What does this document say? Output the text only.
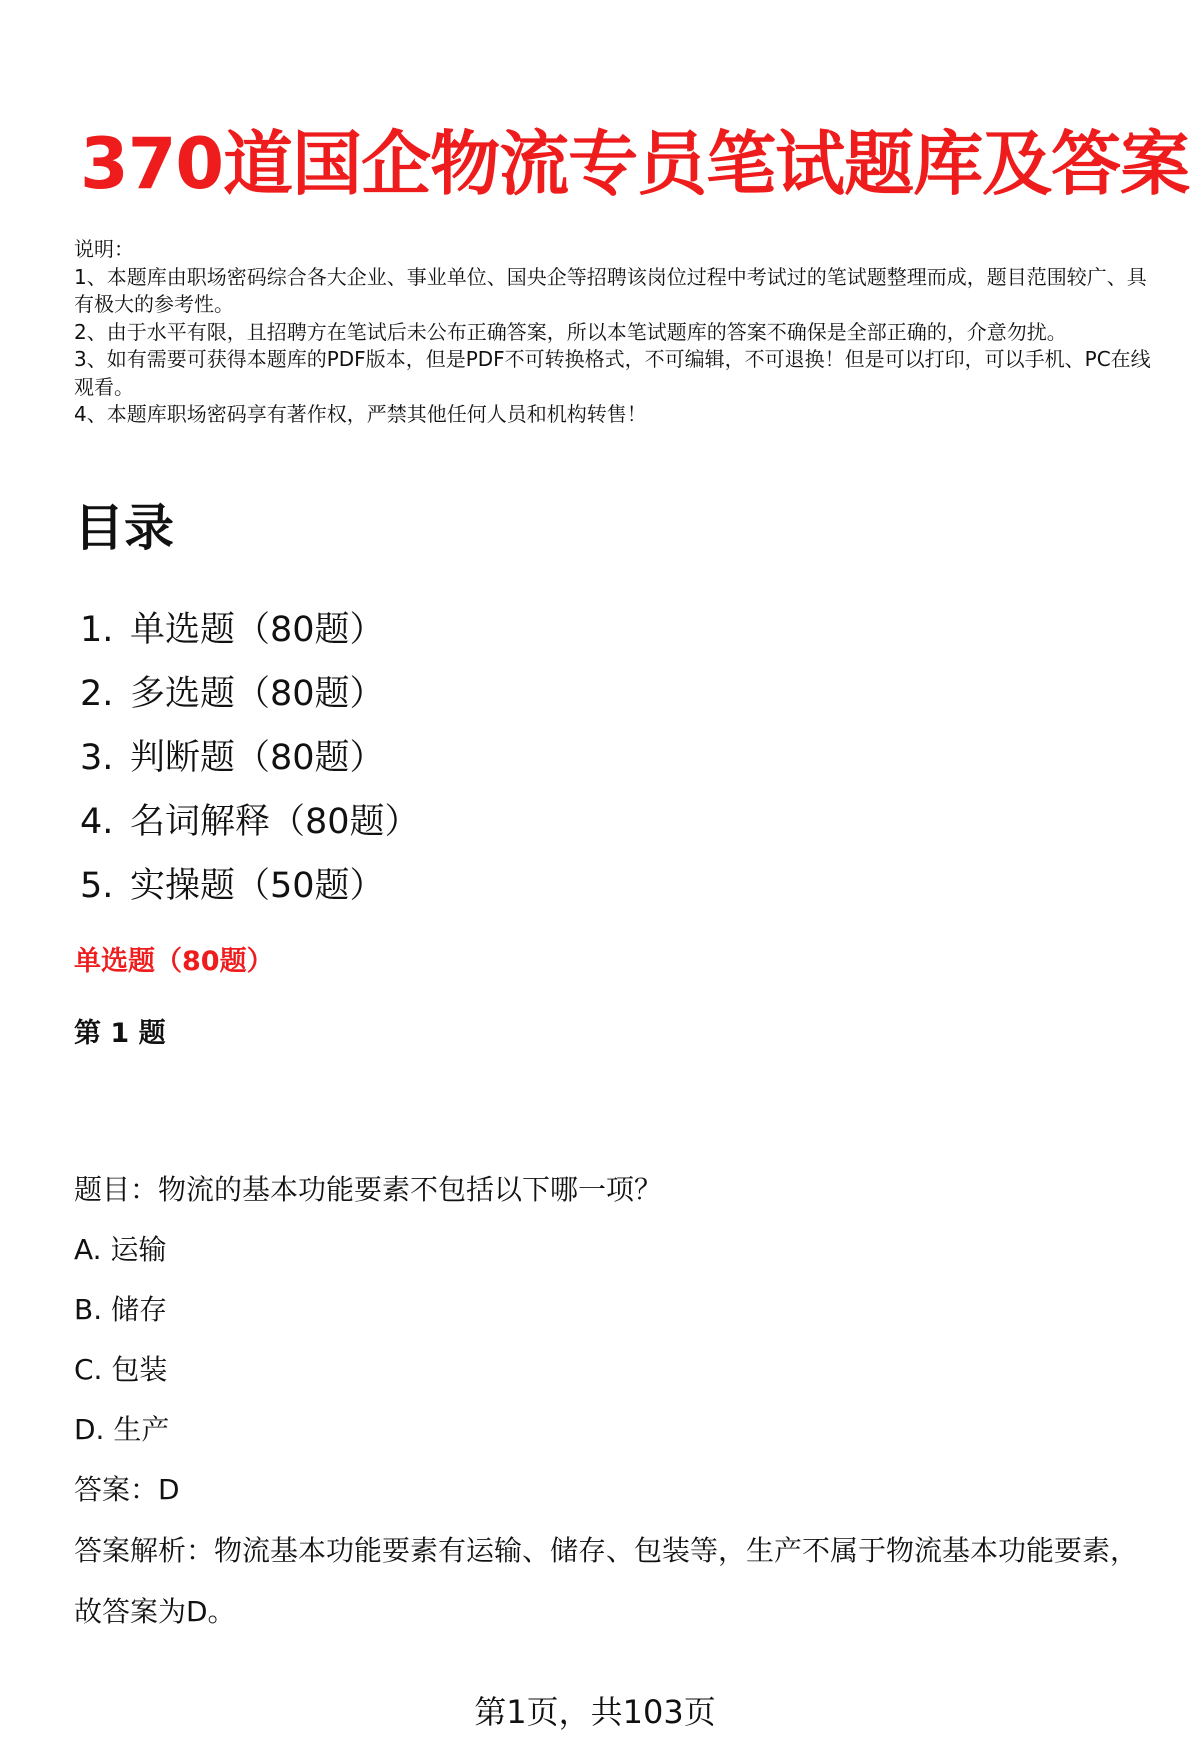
370道国企物流专员笔试题库及答案
说明：
1、本题库由职场密码综合各大企业、事业单位、国央企等招聘该岗位过程中考试过的笔试题整理而成，题目范围较广、具有极大的参考性。
2、由于水平有限，且招聘方在笔试后未公布正确答案，所以本笔试题库的答案不确保是全部正确的，介意勿扰。
3、如有需要可获得本题库的PDF版本，但是PDF不可转换格式，不可编辑，不可退换！但是可以打印，可以手机、PC在线观看。
4、本题库职场密码享有著作权，严禁其他任何人员和机构转售！
目录
1. 单选题（80题）
2. 多选题（80题）
3. 判断题（80题）
4. 名词解释（80题）
5. 实操题（50题）
单选题（80题）
第 1 题
题目：物流的基本功能要素不包括以下哪一项？
A. 运输
B. 储存
C. 包装
D. 生产
答案：D
答案解析：物流基本功能要素有运输、储存、包装等，生产不属于物流基本功能要素，故答案为D。
第1页，共103页
